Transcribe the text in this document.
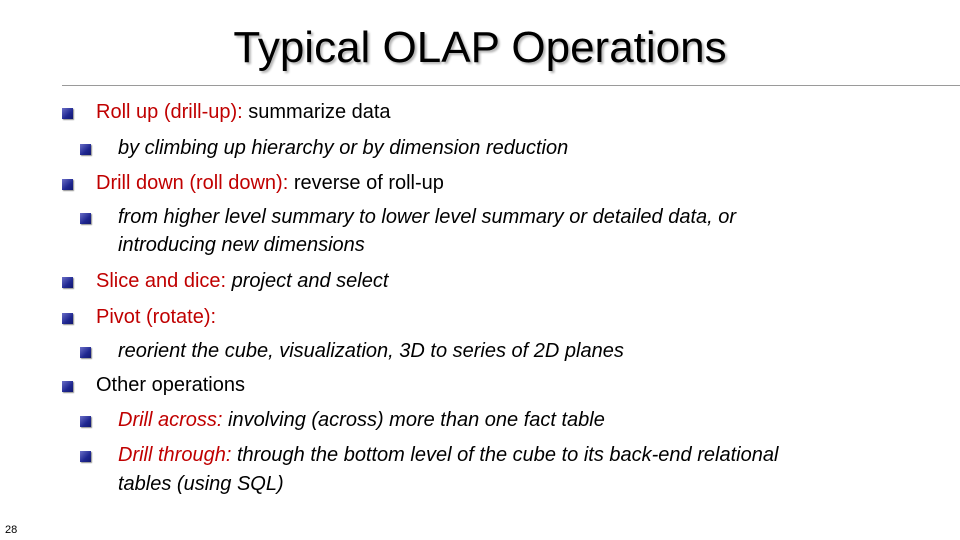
Typical OLAP Operations
Roll up (drill-up): summarize data
by climbing up hierarchy or by dimension reduction
Drill down (roll down): reverse of roll-up
from higher level summary to lower level summary or detailed data, or
introducing new dimensions
Slice and dice: project and select
Pivot (rotate):
reorient the cube, visualization, 3D to series of 2D planes
Other operations
Drill across: involving (across) more than one fact table
Drill through: through the bottom level of the cube to its back-end relational
tables (using SQL)
28
